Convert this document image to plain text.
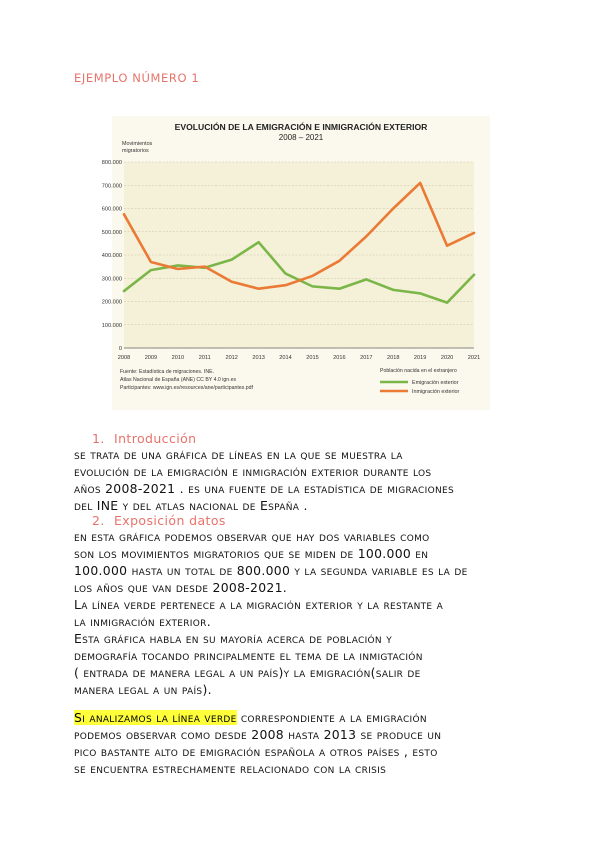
EJEMPLO NÚMERO 1
EVOLUCIÓN DE LA EMIGRACIÓN E INMIGRACIÓN EXTERIOR
2008 – 2021
Movimientos
migratorios
0
100.000
200.000
300.000
400.000
500.000
600.000
700.000
800.000
2008	2009	2010	2011	2012	2013	2014	2015	2016	2017	2018	2019	2020	2021
Fuente: Estadística de migraciones. INE.
Atlas Nacional de España (ANE) CC BY 4.0 ign.es
Participantes: www.ign.es/resources/ane/participantes.pdf
Población nacida en el extranjero
Emigración exterior
Inmigración exterior
1. Introducción

se trata de una gráfica de líneas en la que se muestra la
evolución de la emigración e inmigración exterior durante los
años 2008-2021 . es una fuente de la estadística de migraciones
del INE y del atlas nacional de España .

2. Exposición datos

en esta gráfica podemos observar que hay dos variables como
son los movimientos migratorios que se miden de 100.000 en
100.000 hasta un total de 800.000 y la segunda variable es la de
los años que van desde 2008-2021.
La línea verde pertenece a la migración exterior y la restante a
la inmigración exterior.
Esta gráfica habla en su mayoría acerca de población y
demografía tocando principalmente el tema de la inmigtación
( entrada de manera legal a un país)y la emigración(salir de
manera legal a un país).

Si analizamos la línea verde correspondiente a la emigración
podemos observar como desde 2008 hasta 2013 se produce un
pico bastante alto de emigración española a otros países , esto
se encuentra estrechamente relacionado con la crisis
